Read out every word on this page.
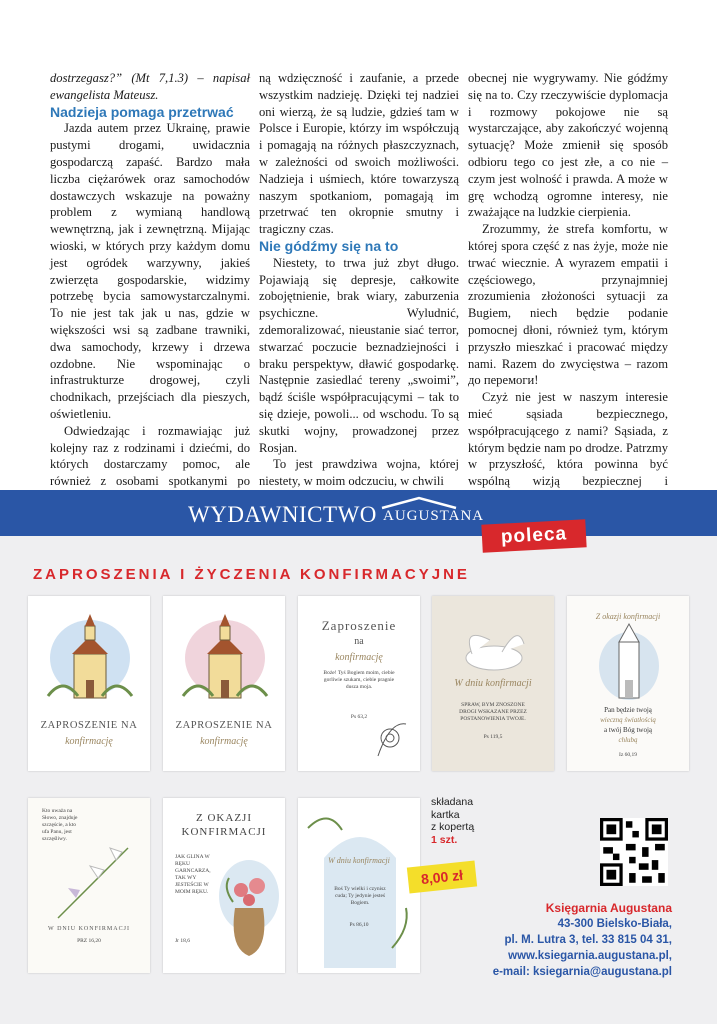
dostrzegasz?” (Mt 7,1.3) – napisał ewangelista Mateusz.

Nadzieja pomaga przetrwać

Jazda autem przez Ukrainę, prawie pustymi drogami, uwidacznia gospodarczą zapaść. Bardzo mała liczba ciężarówek oraz samochodów dostawczych wskazuje na poważny problem z wymianą handlową wewnętrzną, jak i zewnętrzną. Mijając wioski, w których przy każdym domu jest ogródek warzywny, jakieś zwierzęta gospodarskie, widzimy potrzebę bycia samowystarczalnymi. To nie jest tak jak u nas, gdzie w większości wsi są zadbane trawniki, dwa samochody, krzewy i drzewa ozdobne. Nie wspominając o infrastrukturze drogowej, czyli chodnikach, przejściach dla pieszych, oświetleniu.

Odwiedzając i rozmawiając już kolejny raz z rodzinami i dziećmi, do których dostarczamy pomoc, ale również z osobami spotkanymi po

ną wdzięczność i zaufanie, a przede wszystkim nadzieję. Dzięki tej nadziei oni wierzą, że są ludzie, gdzieś tam w Polsce i Europie, którzy im współczują i pomagają na różnych płaszczyznach, w zależności od swoich możliwości. Nadzieja i uśmiech, które towarzyszą naszym spotkaniom, pomagają im przetrwać ten okropnie smutny i tragiczny czas.

Nie gódźmy się na to

Niestety, to trwa już zbyt długo. Pojawiają się depresje, całkowite zobojętnienie, brak wiary, zaburzenia psychiczne. Wyludnić, zdemoralizować, nieustanie siać terror, stwarzać poczucie beznadziejności i braku perspektyw, dławić gospodarkę. Następnie zasiedlać tereny „swoimi”, bądź ściśle współpracującymi – tak to się dzieje, powoli... od wschodu. To są skutki wojny, prowadzonej przez Rosjan.

To jest prawdziwa wojna, której niestety, w moim odczuciu, w chwili

obecnej nie wygrywamy. Nie gódźmy się na to. Czy rzeczywiście dyplomacja i rozmowy pokojowe nie są wystarczające, aby zakończyć wojenną sytuację? Może zmienił się sposób odbioru tego co jest złe, a co nie – czym jest wolność i prawda. A może w grę wchodzą ogromne interesy, nie zważające na ludzkie cierpienia.

Zrozummy, że strefa komfortu, w której spora część z nas żyje, może nie trwać wiecznie. A wyrazem empatii i częściowego, przynajmniej zrozumienia złożoności sytuacji za Bugiem, niech będzie podanie pomocnej dłoni, również tym, którym przyszło mieszkać i pracować między nami. Razem do zwycięstwa – razom до перемоги!

Czyż nie jest w naszym interesie mieć sąsiada bezpiecznego, współpracującego z nami? Sąsiada, z którym będzie nam po drodze. Patrzmy w przyszłość, która powinna być wspólną wizją bezpiecznej i

WYDAWNICTWO AUGUSTANA
poleca
ZAPROSZENIA I ŻYCZENIA KONFIRMACYJNE
ZAPROSZENIE NA
konfirmację
ZAPROSZENIE NA
konfirmację
Zaproszenie
na
konfirmację
Boże! Tyś Bogiem moim, ciebie gorliwie szukam, ciebie pragnie dusza moja.
Ps 63,2
W dniu konfirmacji
SPRAW, BYM ZNOSZONE DROGI WSKAZANE PRZEZ POSTANOWIENIA TWOJE.
Ps 119,5
Z okazji konfirmacji
Pan będzie twoją
wieczną światłością
a twój Bóg twoją
chlubą
Iz 60,19
Kto uważa na Słowo, znajduje szczęście, a kto ufa Panu, jest szczęśliwy.
W DNIU KONFIRMACJI
PRZ 16,20
Z OKAZJI
KONFIRMACJI
JAK GLINA W RĘKU GARNCARZA, TAK WY JESTEŚCIE W MOIM RĘKU.
Jr 18,6
W dniu konfirmacji
Boś Ty wielki i czynisz cuda; Ty jedynie jesteś Bogiem.
Ps 86,10
składana
kartka
z kopertą
1 szt.
8,00 zł
Księgarnia Augustana
43-300 Bielsko-Biała,
pl. M. Lutra 3, tel. 33 815 04 31,
www.ksiegarnia.augustana.pl,
e-mail: ksiegarnia@augustana.pl
